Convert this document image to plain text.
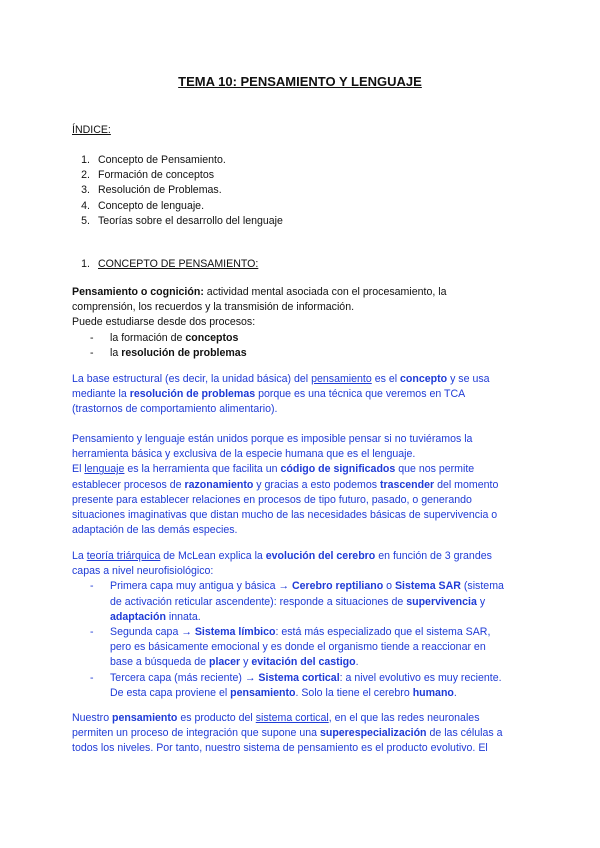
TEMA 10: PENSAMIENTO Y LENGUAJE
ÍNDICE:
1. Concepto de Pensamiento.
2. Formación de conceptos
3. Resolución de Problemas.
4. Concepto de lenguaje.
5. Teorías sobre el desarrollo del lenguaje
1. CONCEPTO DE PENSAMIENTO:
Pensamiento o cognición: actividad mental asociada con el procesamiento, la
comprensión, los recuerdos y la transmisión de información.
Puede estudiarse desde dos procesos:
- la formación de conceptos
- la resolución de problemas
La base estructural (es decir, la unidad básica) del pensamiento es el concepto y se usa
mediante la resolución de problemas porque es una técnica que veremos en TCA
(trastornos de comportamiento alimentario).
Pensamiento y lenguaje están unidos porque es imposible pensar si no tuviéramos la
herramienta básica y exclusiva de la especie humana que es el lenguaje.
El lenguaje es la herramienta que facilita un código de significados que nos permite
establecer procesos de razonamiento y gracias a esto podemos trascender del momento
presente para establecer relaciones en procesos de tipo futuro, pasado, o generando
situaciones imaginativas que distan mucho de las necesidades básicas de supervivencia o
adaptación de las demás especies.
La teoría triárquica de McLean explica la evolución del cerebro en función de 3 grandes
capas a nivel neurofisiológico:
- Primera capa muy antigua y básica → Cerebro reptiliano o Sistema SAR (sistema
de activación reticular ascendente): responde a situaciones de supervivencia y
adaptación innata.
- Segunda capa → Sistema límbico: está más especializado que el sistema SAR,
pero es básicamente emocional y es donde el organismo tiende a reaccionar en
base a búsqueda de placer y evitación del castigo.
- Tercera capa (más reciente) → Sistema cortical: a nivel evolutivo es muy reciente.
De esta capa proviene el pensamiento. Solo la tiene el cerebro humano.
Nuestro pensamiento es producto del sistema cortical, en el que las redes neuronales
permiten un proceso de integración que supone una superespecialización de las células a
todos los niveles. Por tanto, nuestro sistema de pensamiento es el producto evolutivo. El
